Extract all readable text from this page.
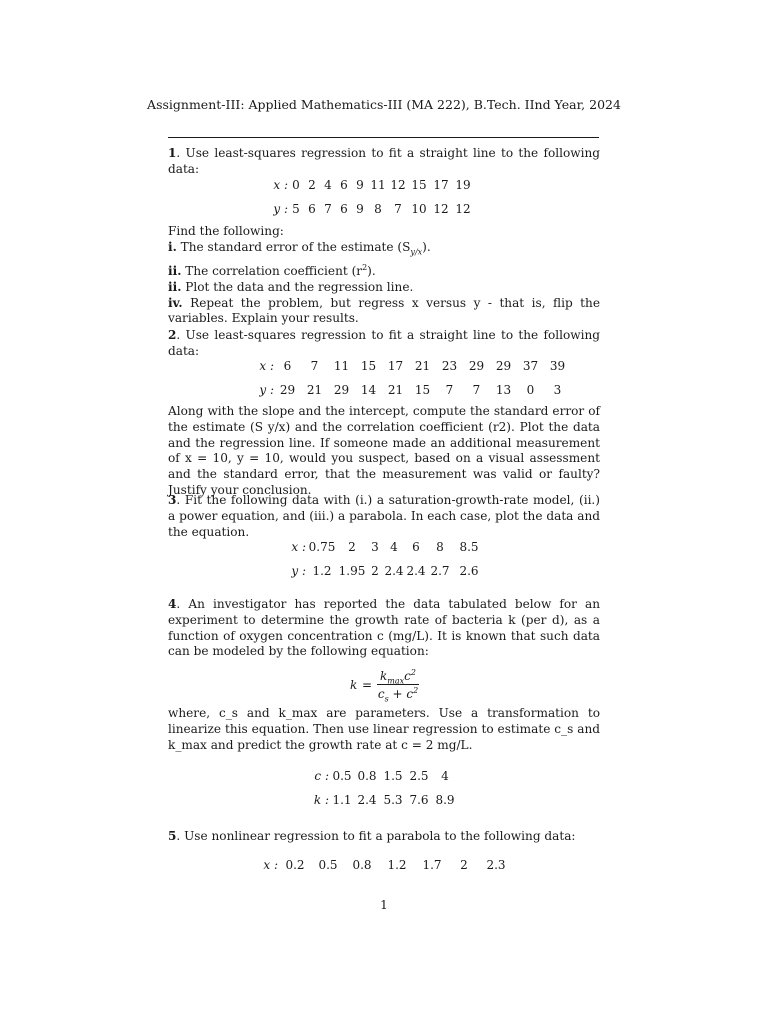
Assignment-III: Applied Mathematics-III (MA 222), B.Tech. IInd Year, 2024

1. Use least-squares regression to fit a straight line to the following data:

x : 0 2 4 6 9 11 12 15 17 19
y : 5 6 7 6 9 8 7 10 12 12

Find the following:

i. The standard error of the estimate $(S_{y/x})$.

ii. The correlation coefficient $(r^2)$.

ii. Plot the data and the regression line.

iv. Repeat the problem, but regress x versus y - that is, flip the variables. Explain your results.

2. Use least-squares regression to fit a straight line to the following data:

x : 6 7 11 15 17 21 23 29 29 37 39
y : 29 21 29 14 21 15 7 7 13 0 3
Along with the slope and the intercept, compute the standard error of the estimate (S y/x) and the correlation coefficient (r2). Plot the data and the regression line. If someone made an additional measurement of x = 10, y = 10, would you suspect, based on a visual assessment and the standard error, that the measurement was valid or faulty? Justify your conclusion.

3. Fit the following data with (i.) a saturation-growth-rate model, (ii.) a power equation, and (iii.) a parabola. In each case, plot the data and the equation.

x : 0.75 2 3 4 6 8 8.5
y : 1.2 1.95 2 2.4 2.4 2.7 2.6

4. An investigator has reported the data tabulated below for an experiment to determine the growth rate of bacteria k (per d), as a function of oxygen concentration c (mg/L). It is known that such data can be modeled by the following equation:

k =
$k_{max}c^2$
$c_s + c^2$

where, c_s and k_max are parameters. Use a transformation to linearize this equation. Then use linear regression to estimate c_s and k_max and predict the growth rate at c = 2 mg/L.

c : 0.5 0.8 1.5 2.5 4
k : 1.1 2.4 5.3 7.6 8.9

5. Use nonlinear regression to fit a parabola to the following data:

x : 0.2 0.5 0.8 1.2 1.7 2 2.3
1
